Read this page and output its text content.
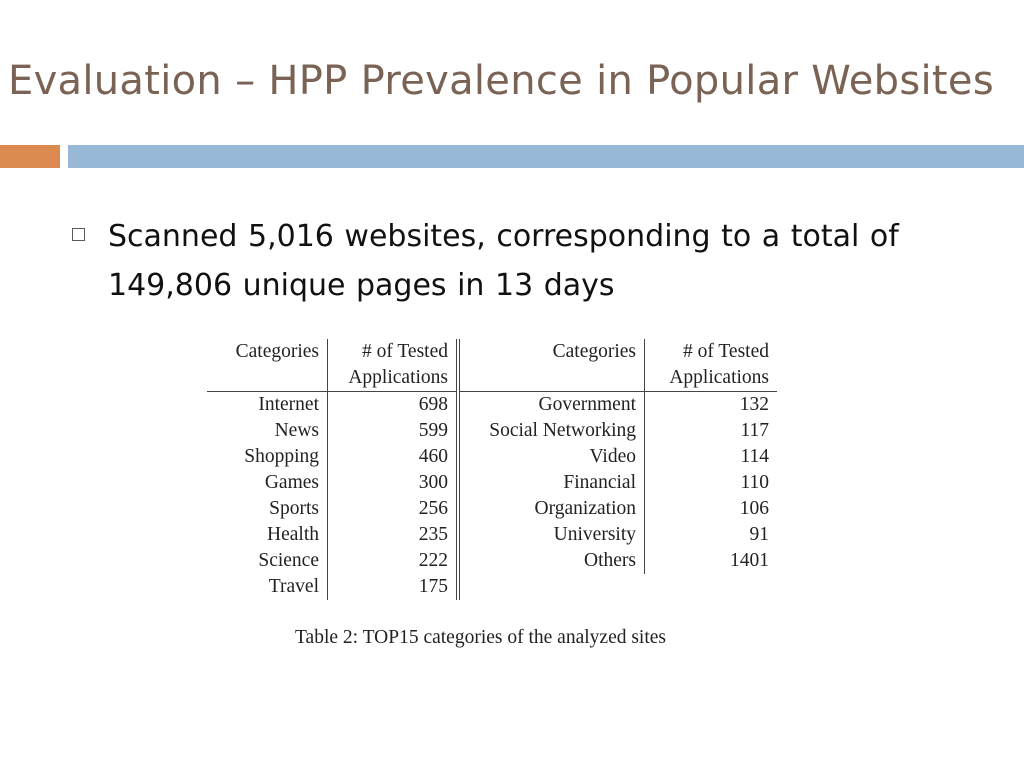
Evaluation – HPP Prevalence in Popular Websites
Scanned 5,016 websites, corresponding to a total of 149,806 unique pages in 13 days
Categories	# of Tested	Categories	# of Tested
	Applications		Applications
Internet	698	Government	132
News	599	Social Networking	117
Shopping	460	Video	114
Games	300	Financial	110
Sports	256	Organization	106
Health	235	University	91
Science	222	Others	1401
Travel	175		
Table 2: TOP15 categories of the analyzed sites
